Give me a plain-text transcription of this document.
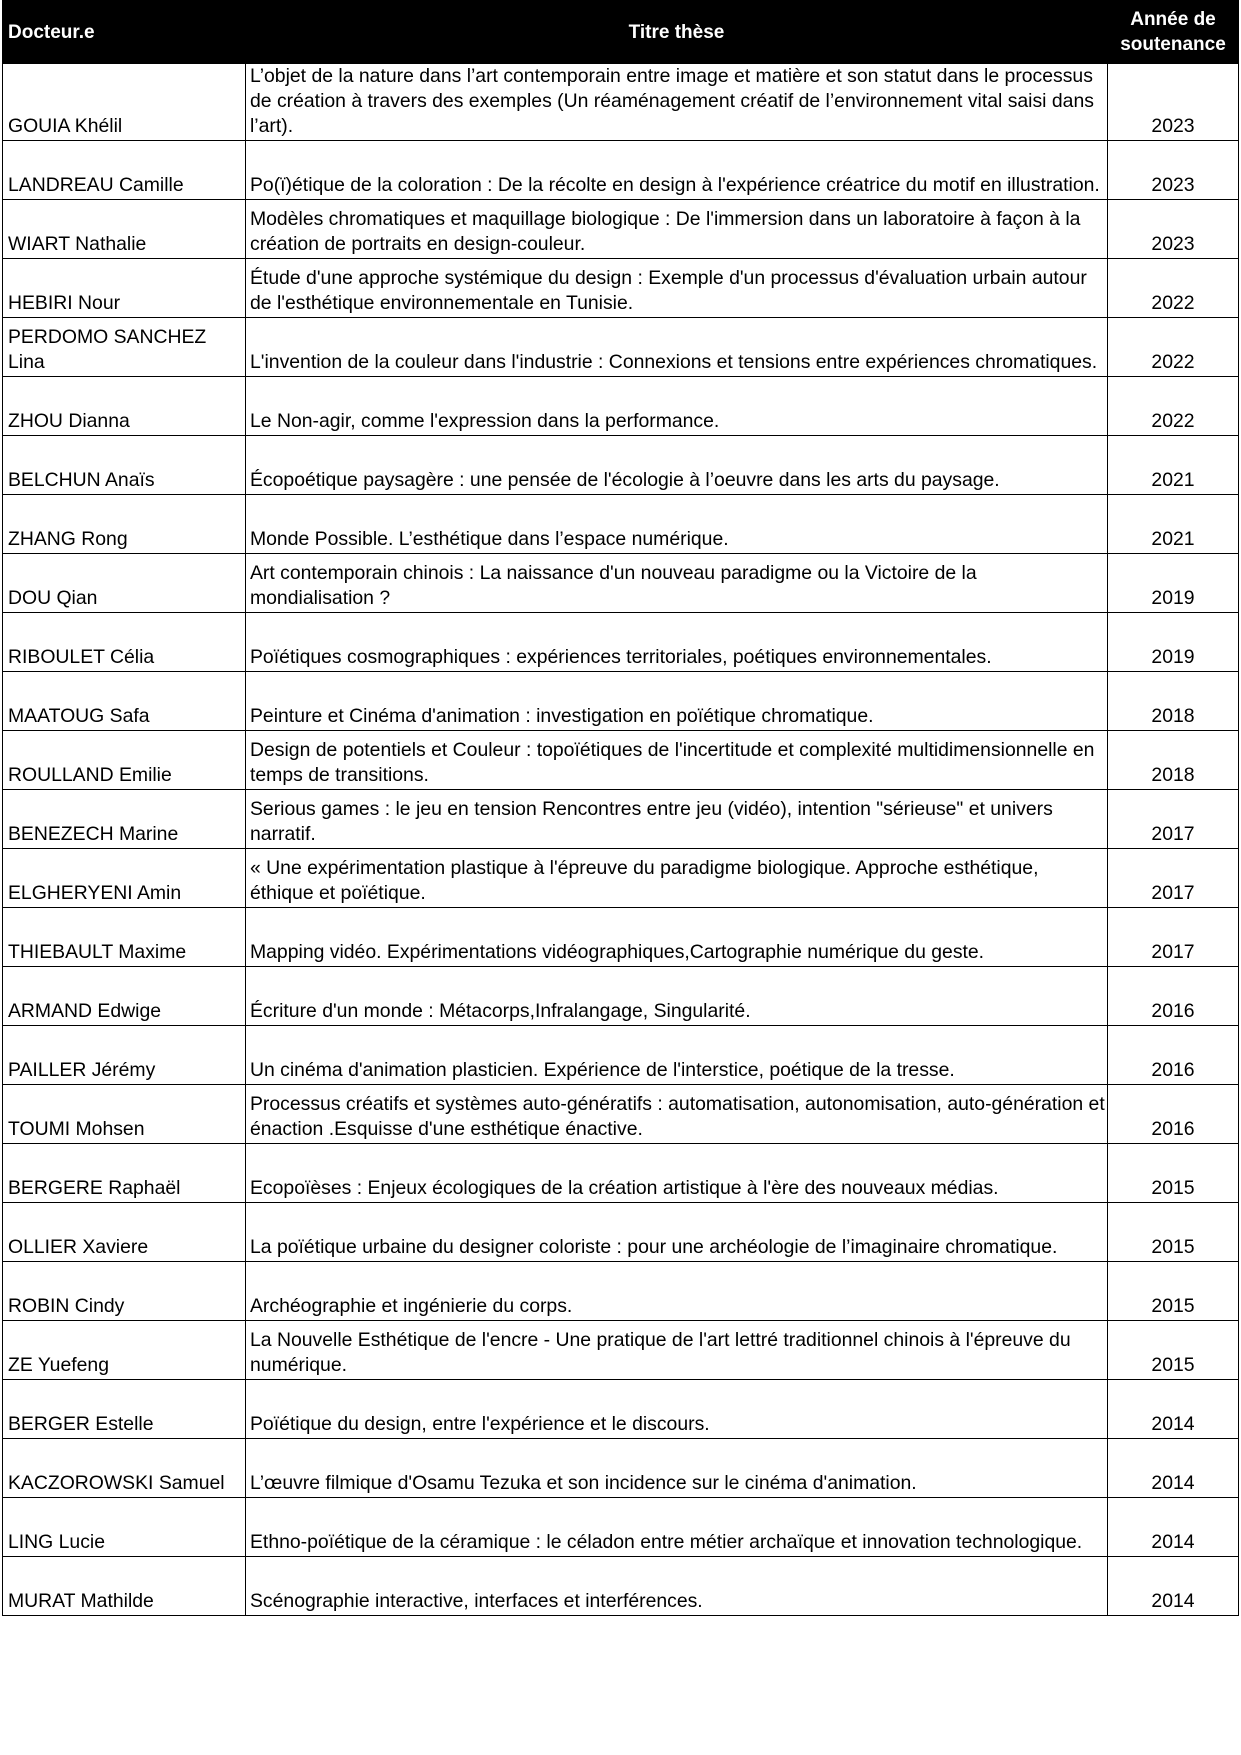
Docteur.e	Titre thèse	Année de soutenance
GOUIA Khélil	L’objet de la nature dans l’art contemporain entre image et matière et son statut dans le processus de création à travers des exemples (Un réaménagement créatif de l’environnement vital saisi dans l’art).	2023
LANDREAU Camille	Po(ï)étique de la coloration : De la récolte en design à l'expérience créatrice du motif en illustration.	2023
WIART Nathalie	Modèles chromatiques et maquillage biologique : De l'immersion dans un laboratoire à façon à la création de portraits en design-couleur.	2023
HEBIRI Nour	Étude d'une approche systémique du design : Exemple d'un processus d'évaluation urbain autour de l'esthétique environnementale en Tunisie.	2022
PERDOMO SANCHEZ Lina	L'invention de la couleur dans l'industrie : Connexions et tensions entre expériences chromatiques.	2022
ZHOU Dianna	Le Non-agir, comme l'expression dans la performance.	2022
BELCHUN Anaïs	Écopoétique paysagère : une pensée de l'écologie à l’oeuvre dans les arts du paysage.	2021
ZHANG Rong	Monde Possible. L’esthétique dans l’espace numérique.	2021
DOU Qian	Art contemporain chinois : La naissance d'un nouveau paradigme ou la Victoire de la mondialisation ?	2019
RIBOULET Célia	Poïétiques cosmographiques : expériences territoriales, poétiques environnementales.	2019
MAATOUG Safa	Peinture et Cinéma d'animation : investigation en poïétique chromatique.	2018
ROULLAND Emilie	Design de potentiels et Couleur : topoïétiques de l'incertitude et complexité multidimensionnelle en temps de transitions.	2018
BENEZECH Marine	Serious games : le jeu en tension Rencontres entre jeu (vidéo), intention "sérieuse" et univers narratif.	2017
ELGHERYENI Amin	« Une expérimentation plastique à l'épreuve du paradigme biologique. Approche esthétique, éthique et poïétique.	2017
THIEBAULT Maxime	Mapping vidéo. Expérimentations vidéographiques,Cartographie numérique du geste.	2017
ARMAND Edwige	Écriture d'un monde : Métacorps,Infralangage, Singularité.	2016
PAILLER Jérémy	Un cinéma d'animation plasticien. Expérience de l'interstice, poétique de la tresse.	2016
TOUMI Mohsen	Processus créatifs et systèmes auto-génératifs : automatisation, autonomisation, auto-génération et énaction .Esquisse d'une esthétique énactive.	2016
BERGERE Raphaël	Ecopoïèses : Enjeux écologiques de la création artistique à l'ère des nouveaux médias.	2015
OLLIER Xaviere	La poïétique urbaine du designer coloriste : pour une archéologie de l’imaginaire chromatique.	2015
ROBIN Cindy	Archéographie et ingénierie du corps.	2015
ZE Yuefeng	La Nouvelle Esthétique de l'encre - Une pratique de l'art lettré traditionnel chinois à l'épreuve du numérique.	2015
BERGER Estelle	Poïétique du design, entre l'expérience et le discours.	2014
KACZOROWSKI Samuel	L’œuvre filmique d'Osamu Tezuka et son incidence sur le cinéma d'animation.	2014
LING Lucie	Ethno-poïétique de la céramique : le céladon entre métier archaïque et innovation technologique.	2014
MURAT Mathilde	Scénographie interactive, interfaces et interférences.	2014
